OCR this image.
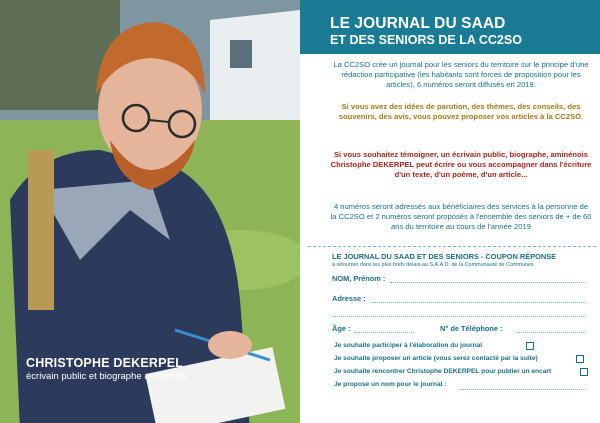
CHRISTOPHE DEKERPEL
écrivain public et biographe aminénois
LE JOURNAL DU SAAD
ET DES SENIORS DE LA CC2SO
La CC2SO crée un journal pour les seniors du territoire sur le principe d'une rédaction participative (les habitants sont forces de proposition pour les articles), 6 numéros seront diffusés en 2019.
Si vous avez des idées de parution, des thèmes, des conseils, des souvenirs, des avis, vous pouvez proposer vos articles à la CC2SO.
Si vous souhaitez témoigner, un écrivain public, biographe, aminénois Christophe DEKERPEL peut écrire ou vous accompagner dans l'écriture d'un texte, d'un poème, d'un article...
4 numéros seront adressés aux bénéficiaires des services à la personne de la CC2SO et 2 numéros seront proposés à l'ensemble des seniors de + de 60 ans du territoire au cours de l'année 2019
LE JOURNAL DU SAAD ET DES SENIORS - COUPON RÉPONSE
à retourner dans les plus brefs délais au S.A.A.D. de la Communauté de Communes
NOM, Prénom :
Adresse :
Âge :	N° de Téléphone :
Je souhaite participer à l'élaboration du journal
Je souhaite proposer un article (vous serez contacté par la suite)
Je souhaite rencontrer Christophe DEKERPEL pour publier un encart
Je propose un nom pour le journal :
